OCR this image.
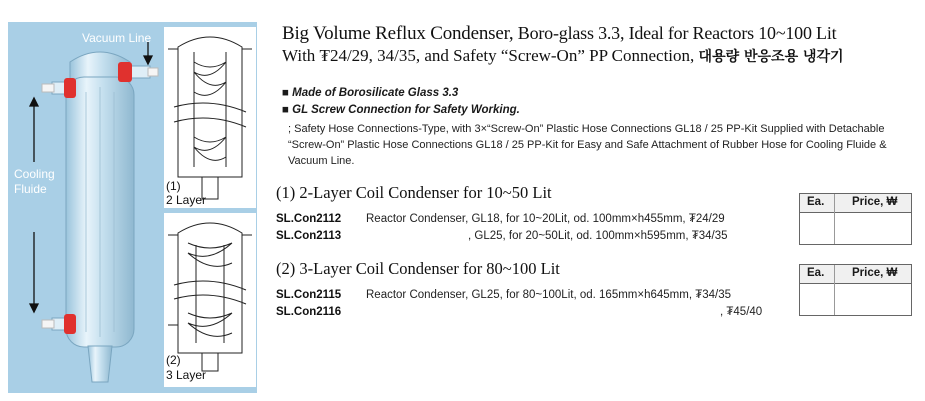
Vacuum Line
Cooling
Fluide	(1)
2 Layer
(2)
3 Layer
Big Volume Reflux Condenser, Boro-glass 3.3, Ideal for Reactors 10~100 Lit
With ₮24/29, 34/35, and Safety “Screw-On” PP Connection, 대용량 반응조용 냉각기
■ Made of Borosilicate Glass 3.3
■ GL Screw Connection for Safety Working.
; Safety Hose Connections-Type, with 3×“Screw-On” Plastic Hose Connections GL18 / 25 PP-Kit Supplied with Detachable “Screw-On” Plastic Hose Connections GL18 / 25 PP-Kit for Easy and Safe Attachment of Rubber Hose for Cooling Fluide & Vacuum Line.
(1) 2-Layer Coil Condenser for 10~50 Lit	Ea. Price, ₩
SL.Con2112 Reactor Condenser, GL18, for 10~20Lit, od. 100mm×h455mm, ₮24/29
SL.Con2113	, GL25, for 20~50Lit, od. 100mm×h595mm, ₮34/35
(2) 3-Layer Coil Condenser for 80~100 Lit	Ea. Price, ₩
SL.Con2115 Reactor Condenser, GL25, for 80~100Lit, od. 165mm×h645mm, ₮34/35
SL.Con2116	, ₮45/40
